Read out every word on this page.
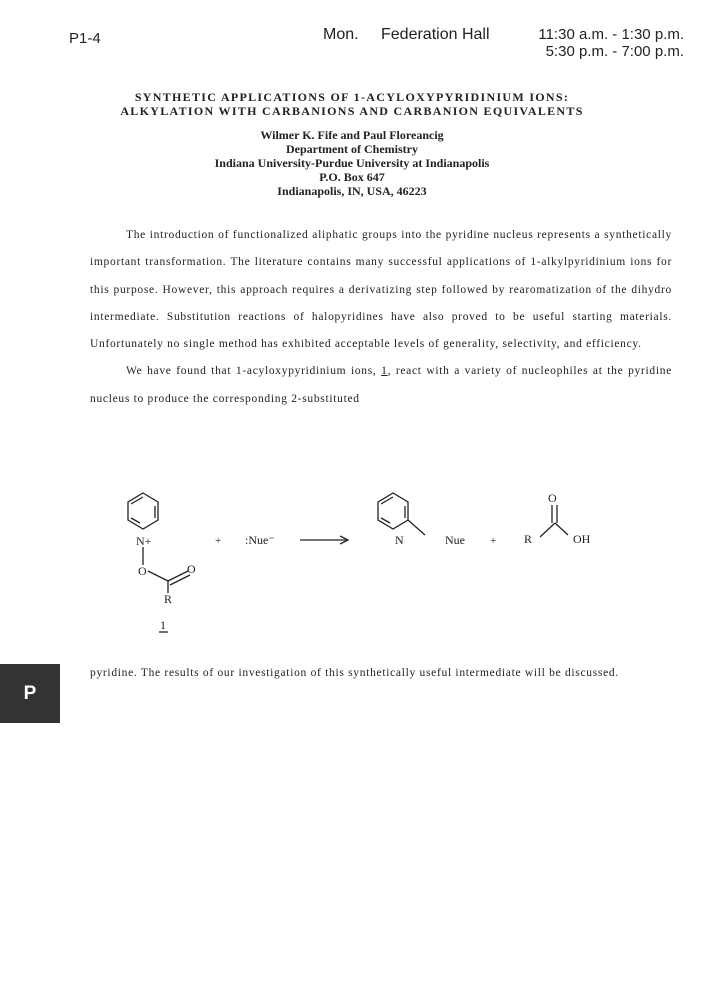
P1-4	Mon. Federation Hall	11:30 a.m. - 1:30 p.m.
5:30 p.m. - 7:00 p.m.
SYNTHETIC APPLICATIONS OF 1-ACYLOXYPYRIDINIUM IONS:
ALKYLATION WITH CARBANIONS AND CARBANION EQUIVALENTS
Wilmer K. Fife and Paul Floreancig
Department of Chemistry
Indiana University-Purdue University at Indianapolis
P.O. Box 647
Indianapolis, IN, USA, 46223
The introduction of functionalized aliphatic groups into the pyridine nucleus represents a synthetically important transformation. The literature contains many successful applications of 1-alkylpyridinium ions for this purpose. However, this approach requires a derivatizing step followed by rearomatization of the dihydro intermediate. Substitution reactions of halopyridines have also proved to be useful starting materials. Unfortunately no single method has exhibited acceptable levels of generality, selectivity, and efficiency.
We have found that 1-acyloxypyridinium ions, 1, react with a variety of nucleophiles at the pyridine nucleus to produce the corresponding 2-substituted
N+
O	O
R
1
+ :Nue⁻	N	Nue +
O
R	OH
pyridine. The results of our investigation of this synthetically useful intermediate will be discussed.
P
